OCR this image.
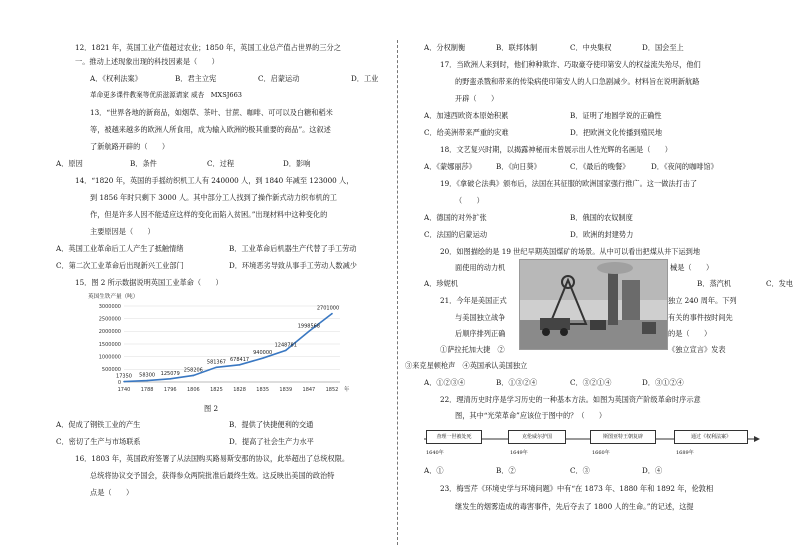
12．1821 年，英国工业产值超过农业；1850 年，英国工业总产值占世界的三分之
一。推动上述现象出现的科技因素是（　　）
A．《权利法案》	B．君主立宪	C．启蒙运动	D．工业
革命更多课件教案等优质滋源请家 威杏　MXSJ663
13．“世界各地的新商品，如烟草、茶叶、甘蔗、咖啡、可可以及白糖和稻米
等，被越来越多的欧洲人所食用，成为输入欧洲的极其重要的商品”。这叙述
了新航路开辟的（　　）
A．原因	B．条件	C．过程	D．影响
14．“1820 年，英国的手摇纺织机工人有 240000 人，到 1840 年减至 123000 人，
到 1856 年时只剩下 3000 人。其中部分工人找到了操作新式动力织布机的工
作，但是许多人因不能适应这样的变化而陷入贫困。”出现材料中这种变化的
主要原因是（　　）
A．英国工业革命后工人产生了抵触情绪	B．工业革命后机器生产代替了手工劳动
C．第二次工业革命后出现新兴工业部门	D．环境恶劣导致从事手工劳动人数减少
15．图 2 所示数据说明英国工业革命（　　）
英国生铁产量（吨）
3000000
2500000
2000000
1500000
1000000
500000
0
1740 1788 1796 1806 1825 1828 1835 1839 1847 1852 年
17350 58300 125079
258206
581367 678417
940000
1248781
1998568
2701000
图 2
A．促成了钢铁工业的产生	B．提供了快捷便利的交通
C．密切了生产与市场联系	D．提高了社会生产力水平
16．1803 年，英国政府签署了从法国购买路易斯安那的协议，此举超出了总统权限。
总统将协议交予国会，获得参众两院批准后最终生效。这反映出美国的政治特
点是（　　）
A．分权制衡	B．联邦体制	C．中央集权	D．国会至上
17．当欧洲人来到时，他们种种欺诈、巧取豪夺使印第安人的权益流失殆尽，他们
的野蛮杀戮和带来的传染病使印第安人的人口急剧减少。材料旨在说明新航路
开辟（　　）
A．加速西欧资本原始积累	B．证明了地圆学说的正确性
C．给美洲带来严重的灾难	D．把欧洲文化传播到殖民地
18．文艺复兴时期，以揭露神秘而未曾展示出人性光辉的名画是（　　）
A．《蒙娜丽莎》	B．《向日葵》	C．《最后的晚餐》	D．《夜间的咖啡馆》
19．《拿破仑法典》颁布后，法国在其征服的欧洲国家强行推广。这一做法打击了
（　　）
A．德国的对外扩张	B．俄国的农奴制度
C．法国的启蒙运动	D．欧洲的封建势力
20．如图描绘的是 19 世纪早期英国煤矿的场景。从中可以看出把煤从井下运到地
面使用的动力机	械是（　　）
A．珍妮机	B．蒸汽机	C．发电
21．今年是美国正式	独立 240 周年。下列
与美国独立战争	有关的事件按时间先
后顺序排列正确	的是（　　）
①萨拉托加大捷　②	《独立宣言》发表
③来克星顿枪声　④英国承认美国独立
A．①②③④	B．①③②④	C．③②①④	D．③①②④
22．理清历史时序是学习历史的一种基本方法。如图为英国资产阶级革命时序示意
图，其中“光荣革命”应该位于图中的？（　　）
查理一世被处死	克伦威尔护国	斯图亚特王朝复辟	通过《权利法案》
1640年	1649年	1660年	1689年
A．①	B．②	C．③	D．④
23．梅雪芹《环境史学与环境问题》中有“在 1873 年、1880 年和 1892 年，伦敦相
继发生的烟雾造成的毒害事件，先后夺去了 1800 人的生命。”的记述，这提
